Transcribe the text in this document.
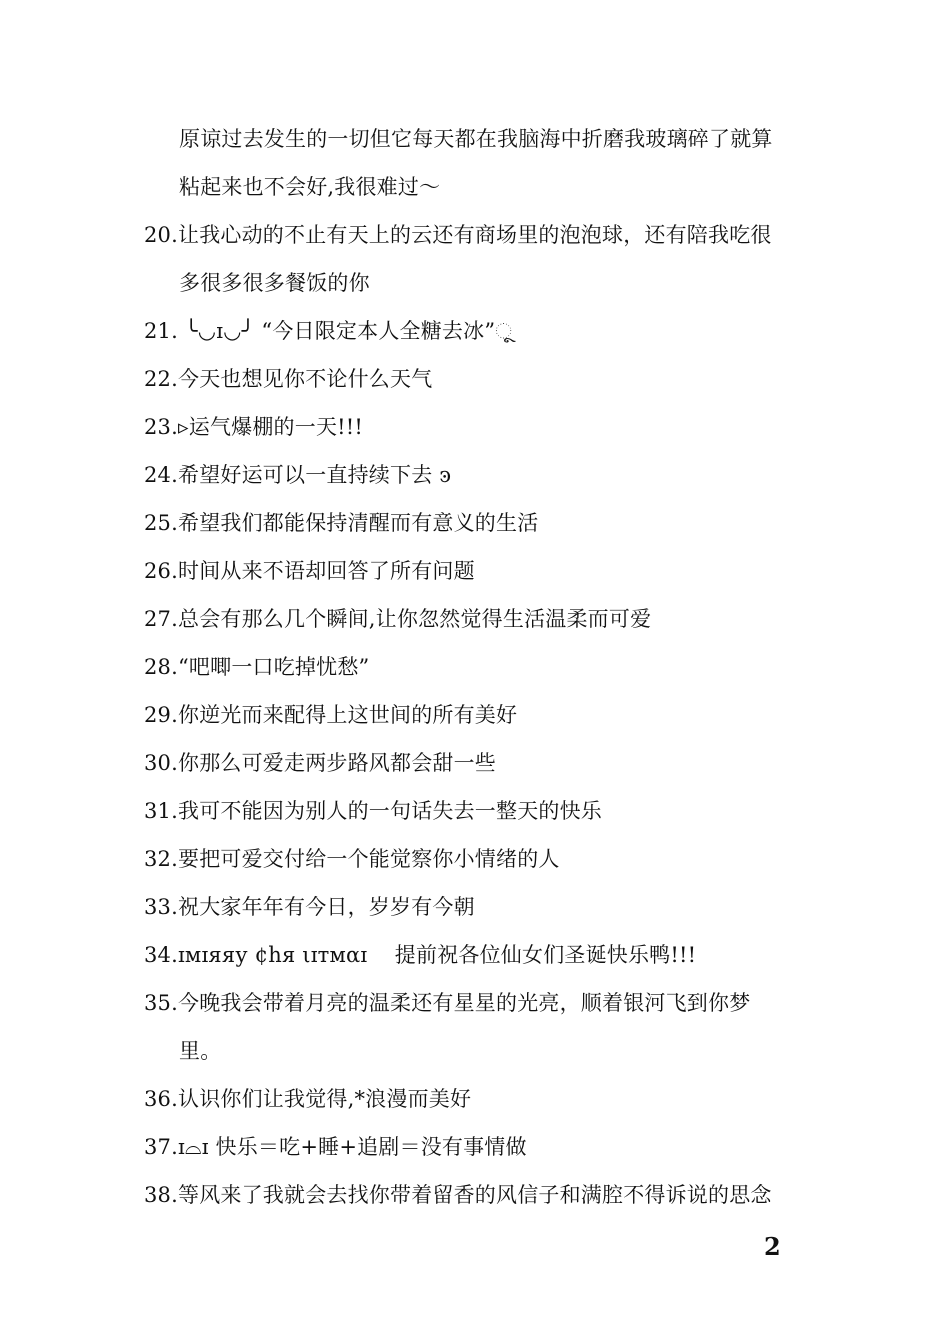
原谅过去发生的一切但它每天都在我脑海中折磨我玻璃碎了就算
粘起来也不会好,我很难过～
20.让我心动的不止有天上的云还有商场里的泡泡球，还有陪我吃很
多很多很多餐饭的你
21. ╰◡ɪ◡╯ “今日限定本人全糖去冰”ૂ
22.今天也想见你不论什么天气
23.▹运气爆棚的一天!!!
24.希望好运可以一直持续下去 ͽ
25.希望我们都能保持清醒而有意义的生活
26.时间从来不语却回答了所有问题
27.总会有那么几个瞬间,让你忽然觉得生活温柔而可爱
28.“吧唧一口吃掉忧愁”
29.你逆光而来配得上这世间的所有美好
30.你那么可爱走两步路风都会甜一些
31.我可不能因为别人的一句话失去一整天的快乐
32.要把可爱交付给一个能觉察你小情绪的人
33.祝大家年年有今日，岁岁有今朝
34.ɪмɪяяу ¢hя ιɪтмαɪ    提前祝各位仙女们圣诞快乐鸭!!!
35.今晚我会带着月亮的温柔还有星星的光亮，顺着银河飞到你梦
里。
36.认识你们让我觉得,*浪漫而美好
37.ɪ⌓ɪ 快乐＝吃+睡+追剧＝没有事情做
38.等风来了我就会去找你带着留香的风信子和满腔不得诉说的思念
2
